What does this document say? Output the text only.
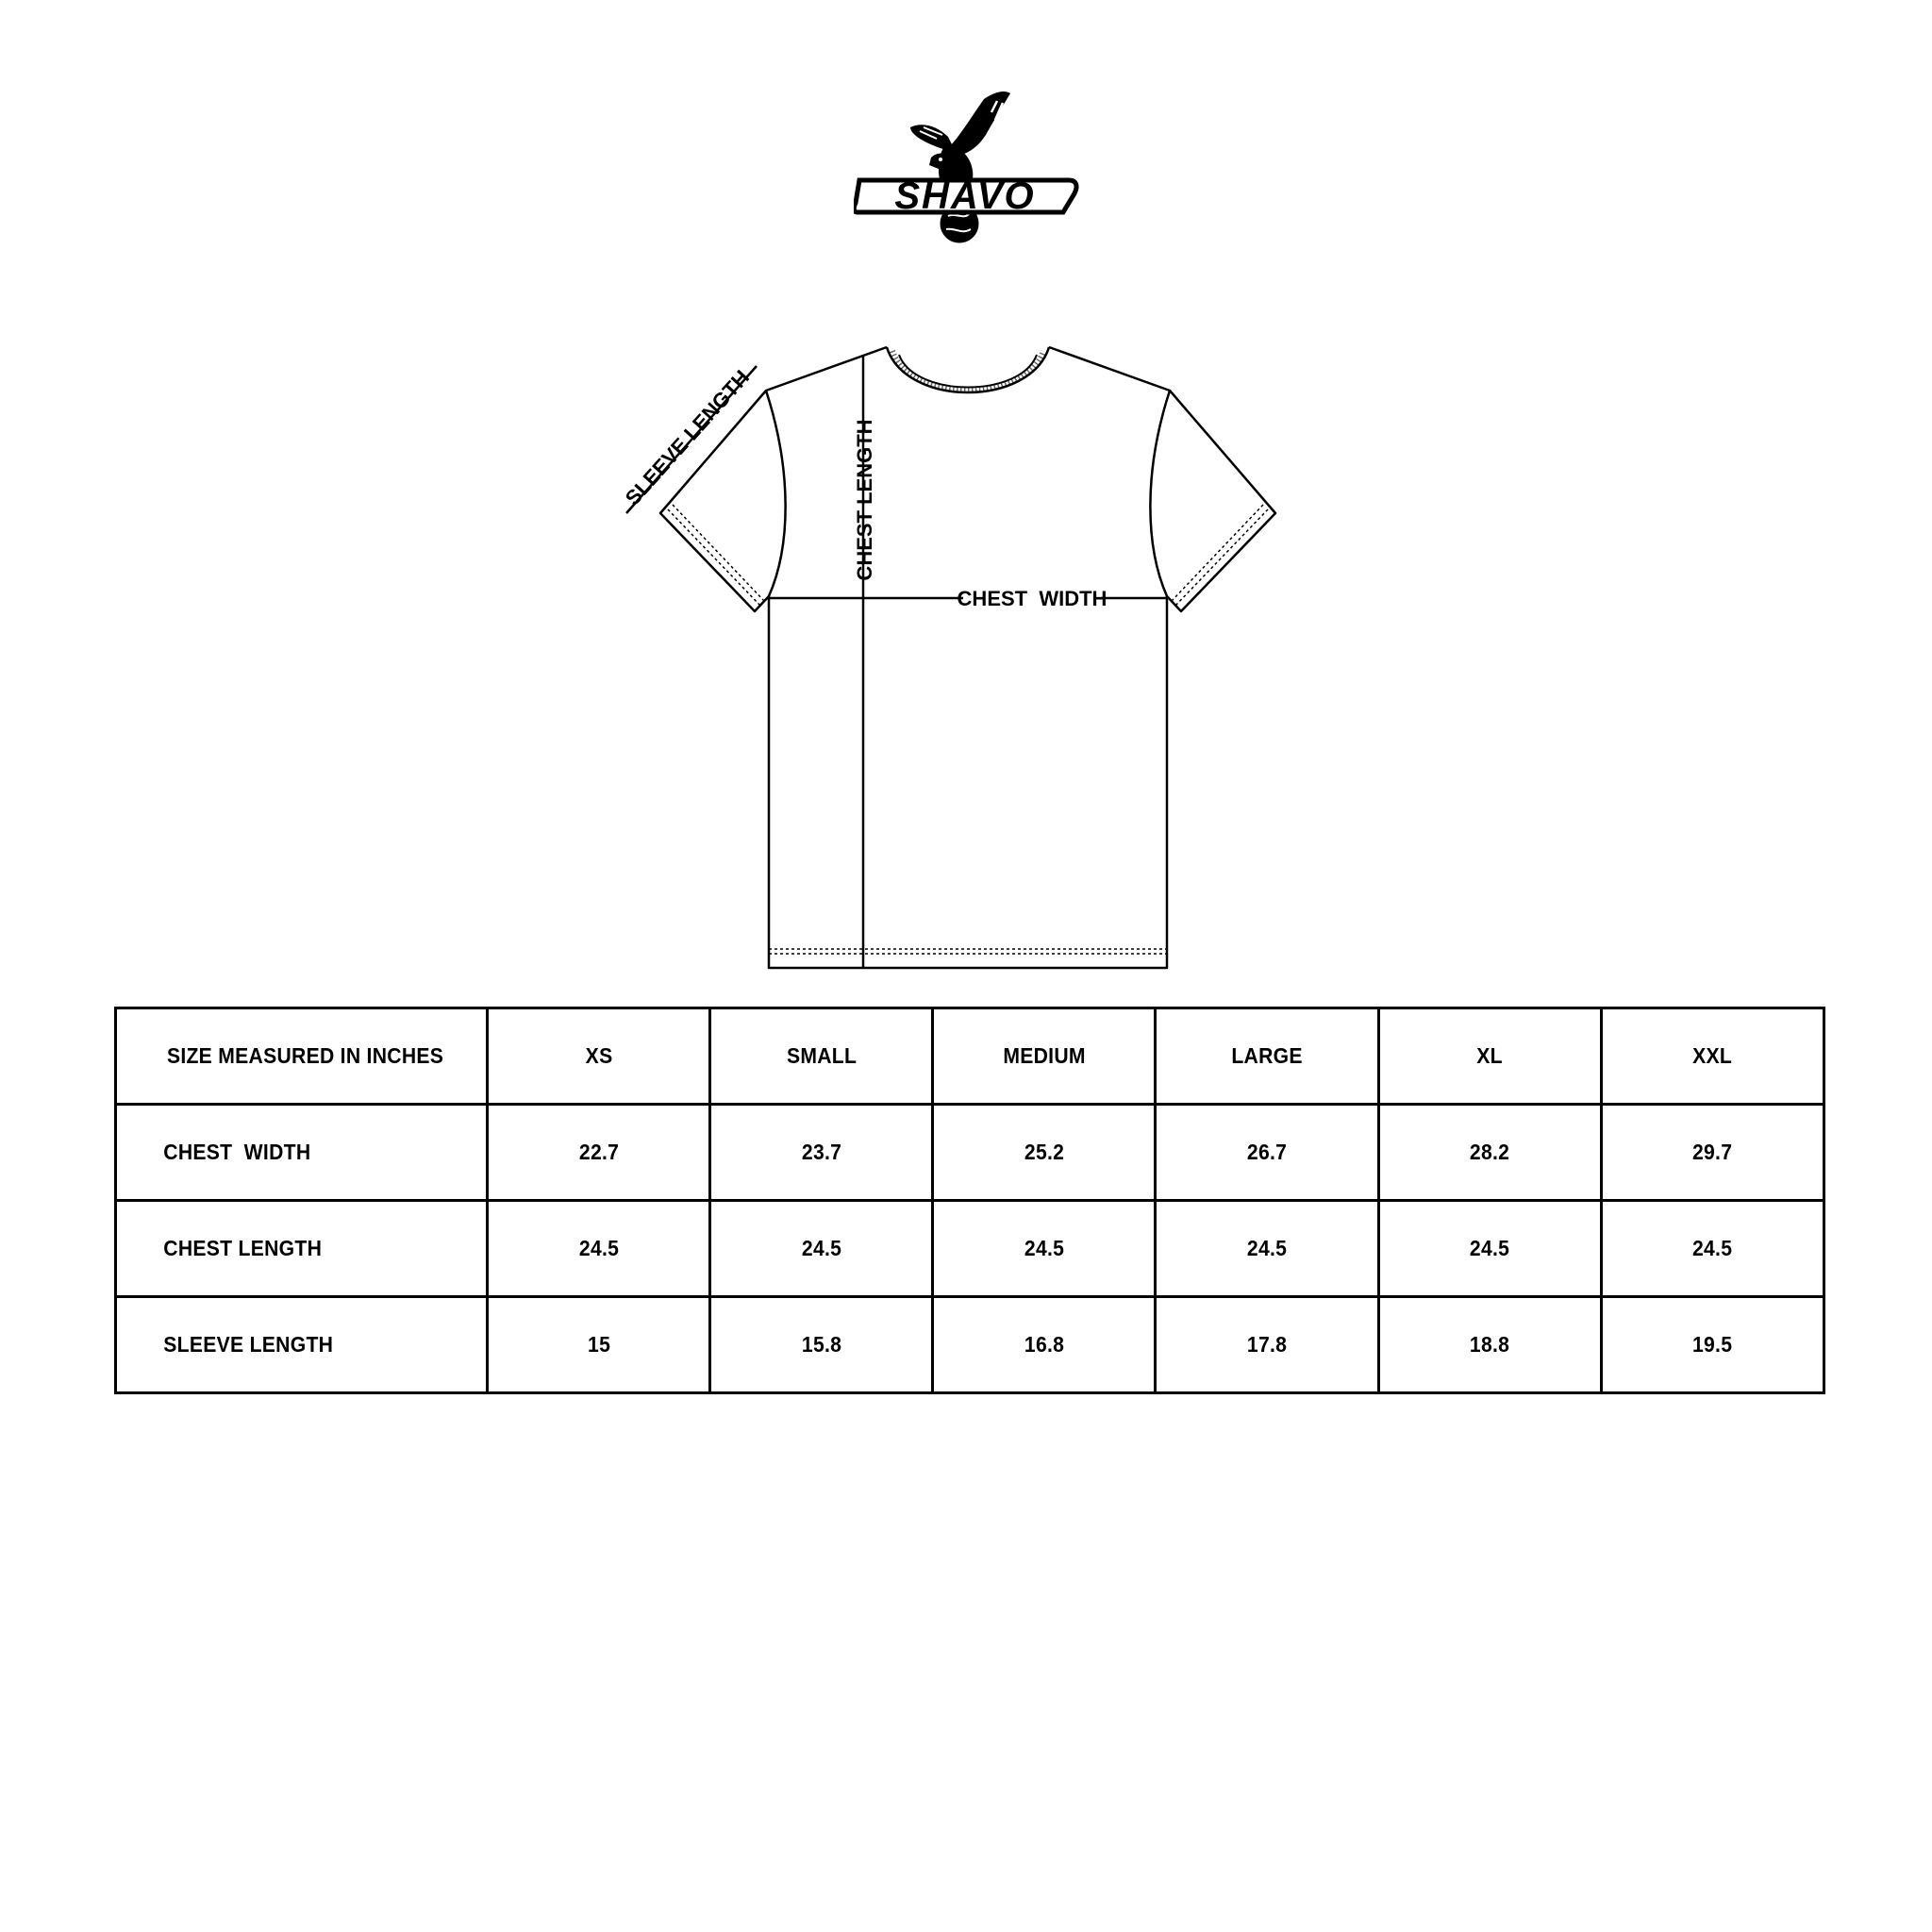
SHAVO
SLEEVE LENGTH	CHEST LENGTH
CHEST  WIDTH
SIZE MEASURED IN INCHES	XS	SMALL	MEDIUM	LARGE	XL	XXL
CHEST  WIDTH	22.7	23.7	25.2	26.7	28.2	29.7
CHEST LENGTH	24.5	24.5	24.5	24.5	24.5	24.5
SLEEVE LENGTH	15	15.8	16.8	17.8	18.8	19.5
